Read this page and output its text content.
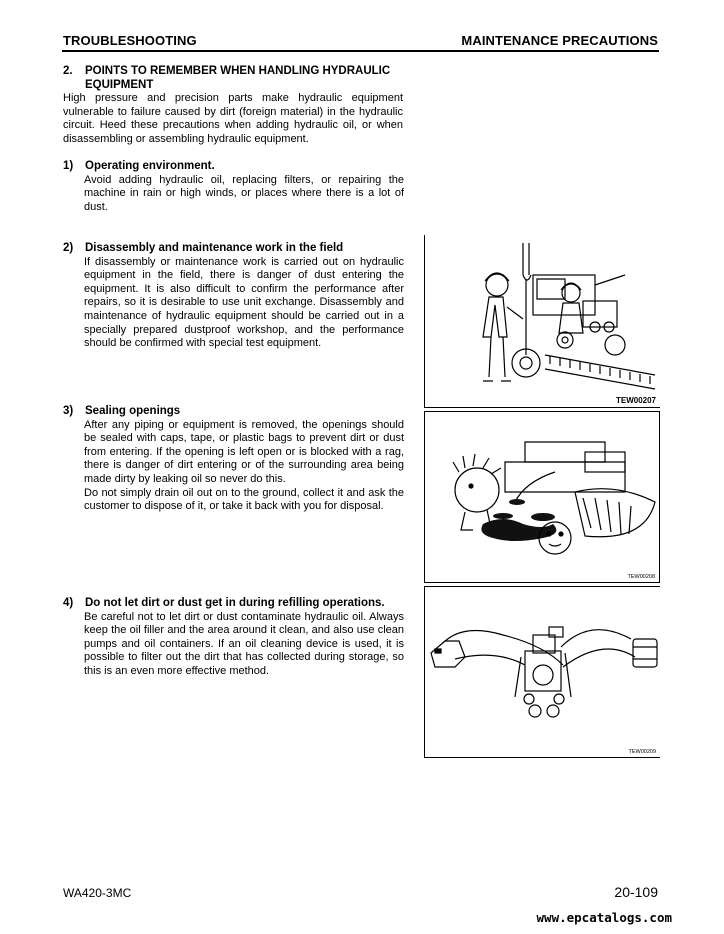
TROUBLESHOOTING	MAINTENANCE PRECAUTIONS
2. POINTS TO REMEMBER WHEN HANDLING HYDRAULIC
EQUIPMENT

High pressure and precision parts make hydraulic equipment vulnerable to failure caused by dirt (foreign material) in the hydraulic circuit. Heed these precautions when adding hydraulic oil, or when disassembling or assembling hydraulic equipment.

1) Operating environment.

Avoid adding hydraulic oil, replacing filters, or repairing the machine in rain or high winds, or places where there is a lot of dust.

2) Disassembly and maintenance work in the field

If disassembly or maintenance work is carried out on hydraulic equipment in the field, there is danger of dust entering the equipment. It is also difficult to confirm the performance after repairs, so it is desirable to use unit exchange. Disassembly and maintenance of hydraulic equipment should be carried out in a specially prepared dustproof workshop, and the performance should be confirmed with special test equipment.

3) Sealing openings

After any piping or equipment is removed, the openings should be sealed with caps, tape, or plastic bags to prevent dirt or dust from entering. If the opening is left open or is blocked with a rag, there is danger of dirt entering or of the surrounding area being made dirty by leaking oil so never do this.

Do not simply drain oil out on to the ground, collect it and ask the customer to dispose of it, or take it back with you for disposal.

4) Do not let dirt or dust get in during refilling operations.

Be careful not to let dirt or dust contaminate hydraulic oil. Always keep the oil filler and the area around it clean, and also use clean pumps and oil containers. If an oil cleaning device is used, it is possible to filter out the dirt that has collected during storage, so this is an even more effective method.

TEW00207
TEW00208
TEW00209
WA420-3MC	20-109
www.epcatalogs.com
